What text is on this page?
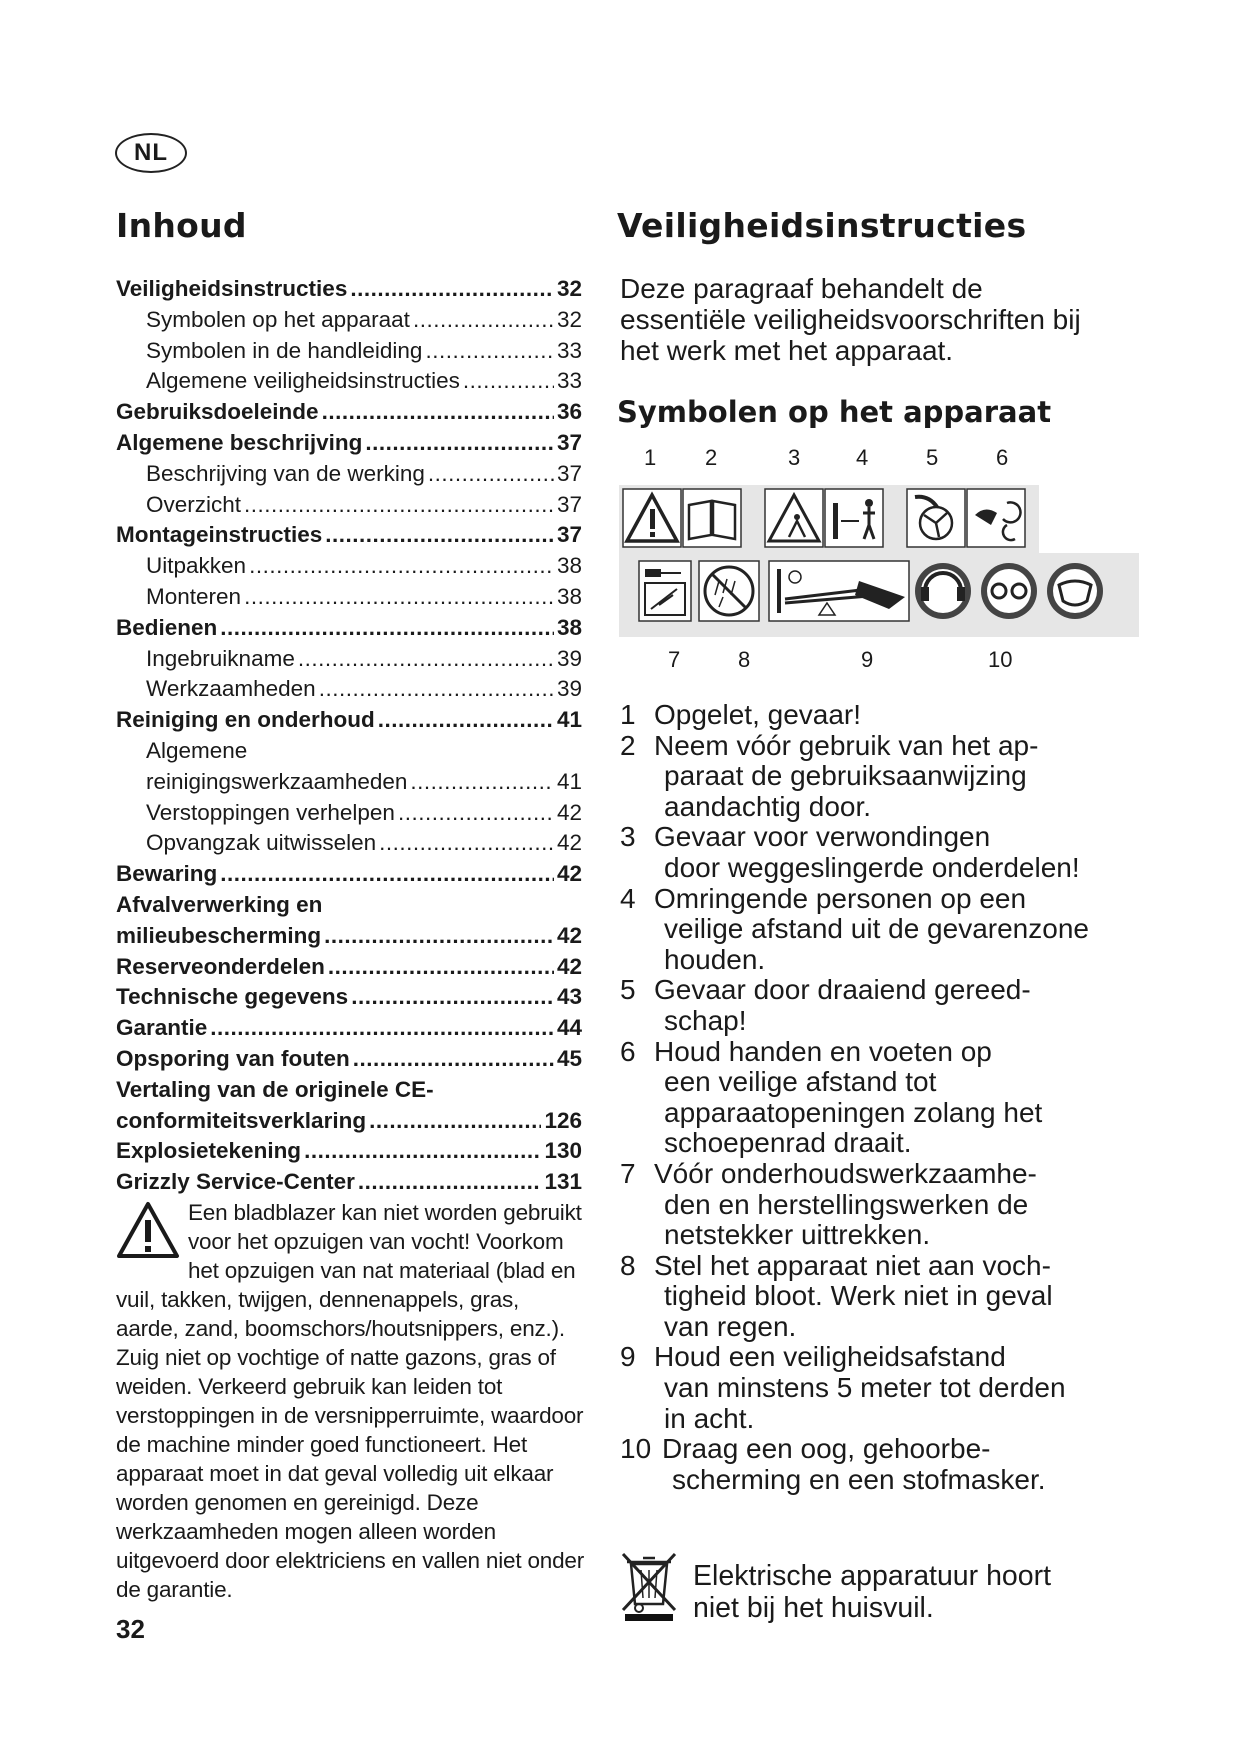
NL
Inhoud
Veiligheidsinstructies .....	32
Symbolen op het apparaat .....	32
Symbolen in de handleiding .....	33
Algemene veiligheidsinstructies .....	33
Gebruiksdoeleinde .....	36
Algemene beschrijving .....	37
Beschrijving van de werking .....	37
Overzicht .....	37
Montageinstructies .....	37
Uitpakken .....	38
Monteren .....	38
Bedienen .....	38
Ingebruikname .....	39
Werkzaamheden .....	39
Reiniging en onderhoud .....	41
Algemene
reinigingswerkzaamheden .....	41
Verstoppingen verhelpen .....	42
Opvangzak uitwisselen .....	42
Bewaring .....	42
Afvalverwerking en
milieubescherming .....	42
Reserveonderdelen .....	42
Technische gegevens .....	43
Garantie .....	44
Opsporing van fouten .....	45
Vertaling van de originele CE-
conformiteitsverklaring .....	126
Explosietekening .....	130
Grizzly Service-Center .....	131
Een bladblazer kan niet worden gebruikt voor het opzuigen van vocht! Voorkom het opzuigen van nat materiaal (blad en vuil, takken, twijgen, dennenappels, gras, aarde, zand, boomschors/houtsnippers, enz.). Zuig niet op vochtige of natte gazons, gras of weiden. Verkeerd gebruik kan leiden tot verstoppingen in de versnipperruimte, waardoor de machine minder goed functioneert. Het apparaat moet in dat geval volledig uit elkaar worden genomen en gereinigd. Deze werkzaamheden mogen alleen worden uitgevoerd door elektriciens en vallen niet onder de garantie.
32
Veiligheidsinstructies
Deze paragraaf behandelt de essentiële veiligheidsvoorschriften bij het werk met het apparaat.
Symbolen op het apparaat
1 2	3	4	5	6
7	8	9	10
1 Opgelet, gevaar!
2 Neem vóór gebruik van het ap-
paraat de gebruiksaanwijzing aandachtig door.
3 Gevaar voor verwondingen
door weggeslingerde onderdelen!
4 Omringende personen op een
veilige afstand uit de gevarenzone houden.
5 Gevaar door draaiend gereed-
schap!
6 Houd handen en voeten op
een veilige afstand tot apparaatopeningen zolang het schoepenrad draait.
7 Vóór onderhoudswerkzaamhe-
den en herstellingswerken de netstekker uittrekken.
8 Stel het apparaat niet aan voch-
tigheid bloot. Werk niet in geval van regen.
9 Houd een veiligheidsafstand
van minstens 5 meter tot derden in acht.
10 Draag een oog, gehoorbe-
scherming en een stofmasker.
Elektrische apparatuur hoort niet bij het huisvuil.
